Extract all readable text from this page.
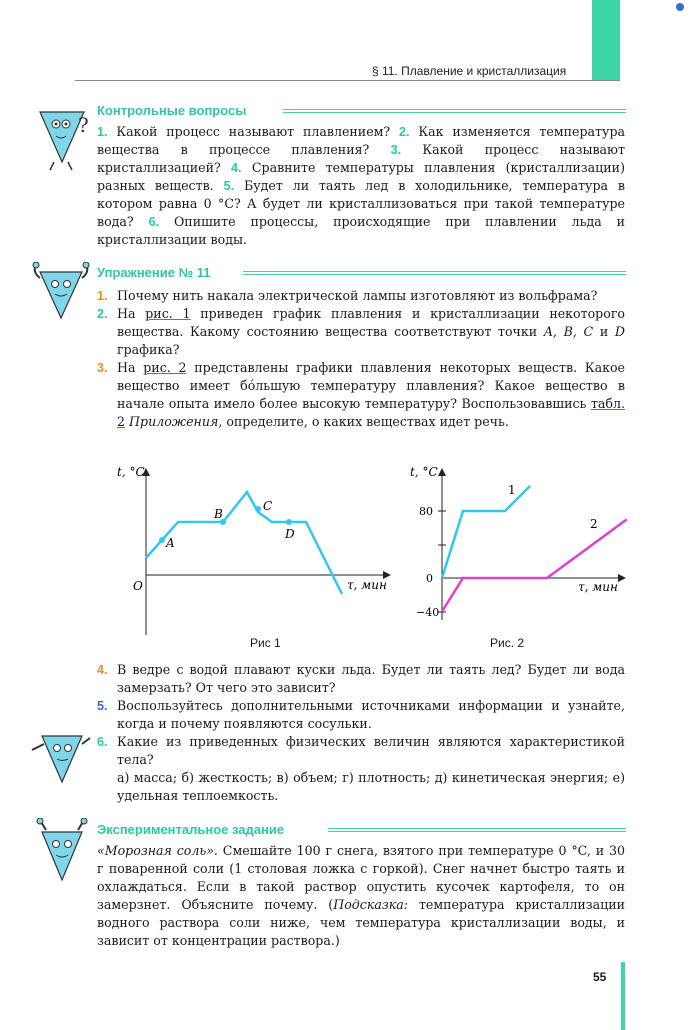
§ 11. Плавление и кристаллизация
?
Контрольные вопросы
1. Какой процесс называют плавлением? 2. Как изменяется температура вещества в процессе плавления? 3. Какой процесс называют кристаллизацией? 4. Сравните температуры плавления (кристаллизации) разных веществ. 5. Будет ли таять лед в холодильнике, температура в котором равна 0 °C? А будет ли кристаллизоваться при такой температуре вода? 6. Опишите процессы, происходящие при плавлении льда и кристаллизации воды.
Упражнение № 11
1. Почему нить накала электрической лампы изготовляют из вольфрама?
2. На рис. 1 приведен график плавления и кристаллизации некоторого вещества. Какому состоянию вещества соответствуют точки A, B, C и D графика?
3. На рис. 2 представлены графики плавления некоторых веществ. Какое вещество имеет бóльшую температуру плавления? Какое вещество в начале опыта имело более высокую температуру? Воспользовавшись табл. 2 Приложения, определите, о каких веществах идет речь.
t, °C
τ, мин
O
A
B
C
D
Рис 1
t, °C
τ, мин
80
0
−40
1
2
Рис. 2
4. В ведре с водой плавают куски льда. Будет ли таять лед? Будет ли вода замерзать? От чего это зависит?
5. Воспользуйтесь дополнительными источниками информации и узнайте, когда и почему появляются сосульки.
6. Какие из приведенных физических величин являются характеристикой тела?
а) масса; б) жесткость; в) объем; г) плотность; д) кинетическая энергия; е) удельная теплоемкость.
Экспериментальное задание
«Морозная соль». Смешайте 100 г снега, взятого при температуре 0 °C, и 30 г поваренной соли (1 столовая ложка с горкой). Снег начнет быстро таять и охлаждаться. Если в такой раствор опустить кусочек картофеля, то он замерзнет. Объясните почему. (Подсказка: температура кристаллизации водного раствора соли ниже, чем температура кристаллизации воды, и зависит от концентрации раствора.)
55
